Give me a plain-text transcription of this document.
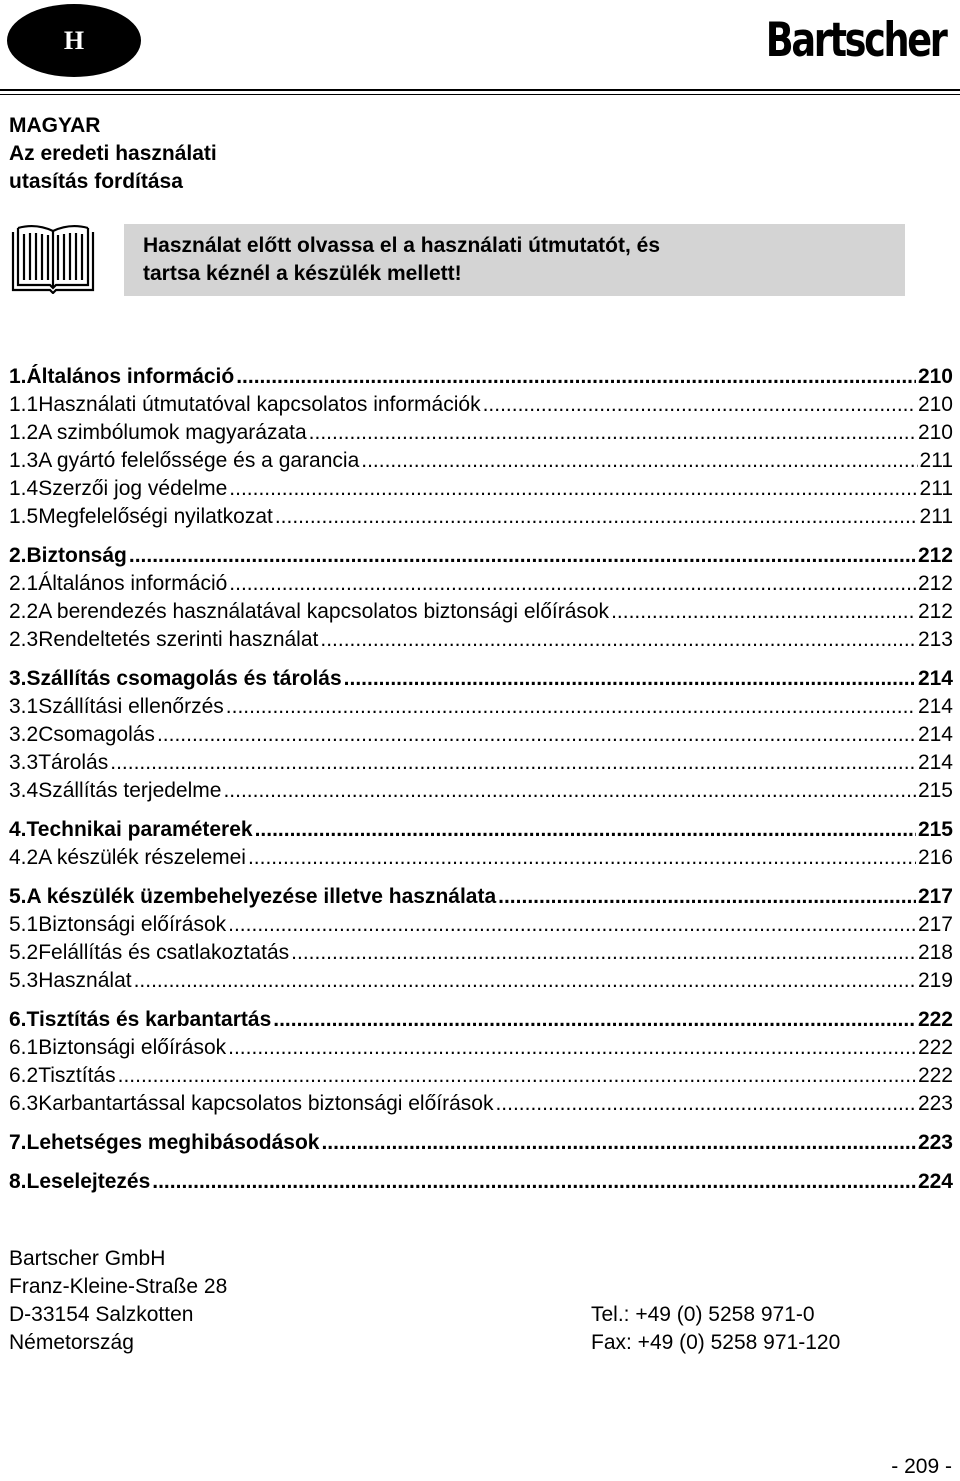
H	Bartscher
MAGYAR
Az eredeti használati
utasítás fordítása
Használat előtt olvassa el a használati útmutatót, és
tartsa kéznél a készülék mellett!
1. Általános információ .....	210
1.1 Használati útmutatóval kapcsolatos információk .....	210
1.2 A szimbólumok magyarázata .....	210
1.3 A gyártó felelőssége és a garancia .....	211
1.4 Szerzői jog védelme .....	211
1.5 Megfelelőségi nyilatkozat .....	211
2. Biztonság .....	212
2.1 Általános információ .....	212
2.2 A berendezés használatával kapcsolatos biztonsági előírások .....	212
2.3 Rendeltetés szerinti használat .....	213
3. Szállítás csomagolás és tárolás .....	214
3.1 Szállítási ellenőrzés .....	214
3.2 Csomagolás .....	214
3.3 Tárolás .....	214
3.4 Szállítás terjedelme .....	215
4. Technikai paraméterek .....	215
4.2 A készülék részelemei .....	216
5. A készülék üzembehelyezése illetve használata .....	217
5.1 Biztonsági előírások .....	217
5.2 Felállítás és csatlakoztatás .....	218
5.3 Használat .....	219
6. Tisztítás és karbantartás .....	222
6.1 Biztonsági előírások .....	222
6.2 Tisztítás .....	222
6.3 Karbantartással kapcsolatos biztonsági előírások .....	223
7. Lehetséges meghibásodások .....	223
8. Leselejtezés .....	224
Bartscher GmbH
Franz-Kleine-Straße 28
D-33154 Salzkotten
Németország
Tel.: +49 (0) 5258 971-0
Fax: +49 (0) 5258 971-120
- 209 -
